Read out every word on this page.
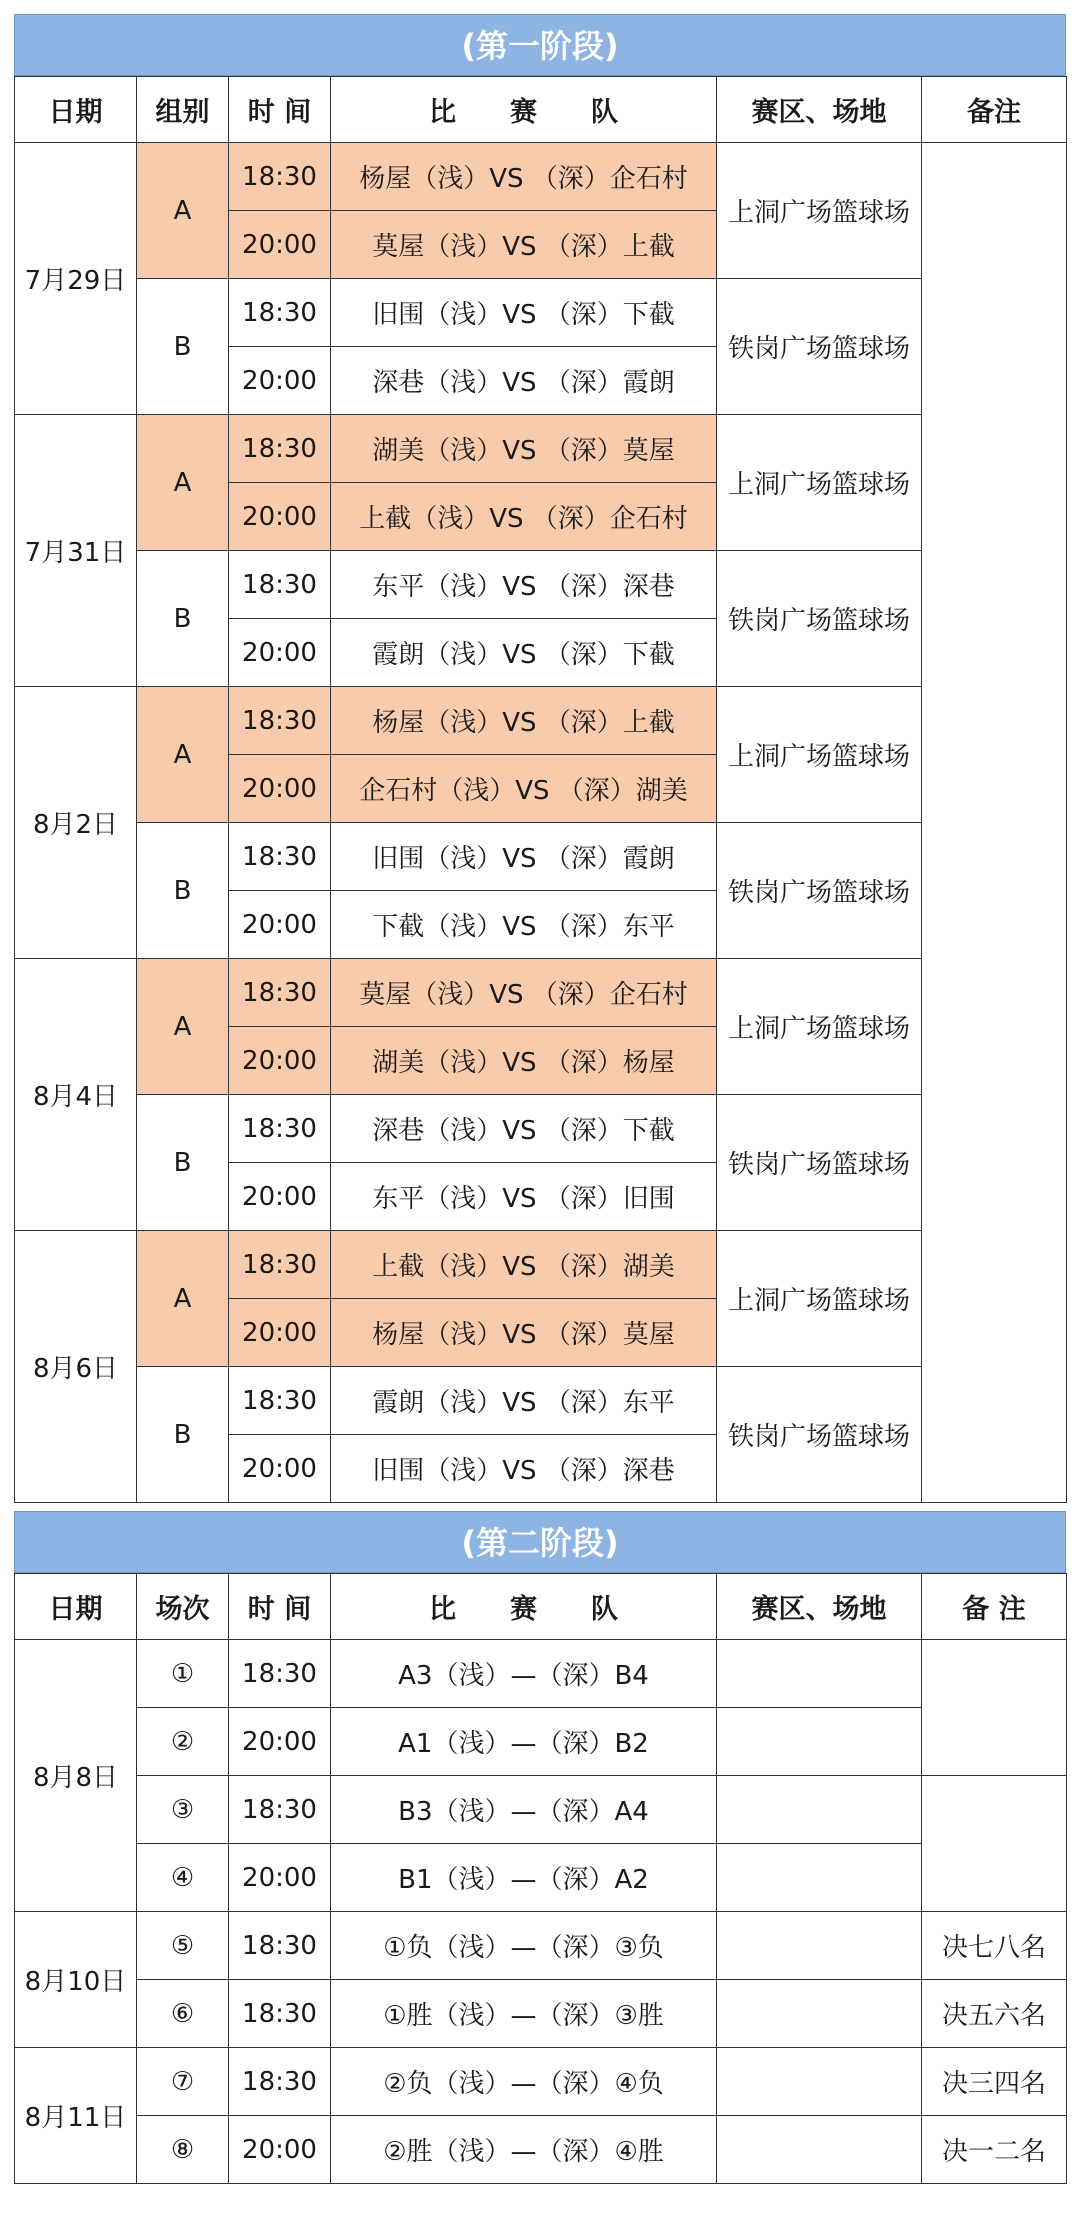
(第一阶段)
日期	组别	时 间	比　　赛　　队	赛区、场地	备注
7月29日	A	18:30	杨屋（浅）VS （深）企石村	上洞广场篮球场	
		20:00	莫屋（浅）VS （深）上截		
	B	18:30	旧围（浅）VS （深）下截	铁岗广场篮球场	
		20:00	深巷（浅）VS （深）霞朗		
7月31日	A	18:30	湖美（浅）VS （深）莫屋	上洞广场篮球场	
		20:00	上截（浅）VS （深）企石村		
	B	18:30	东平（浅）VS （深）深巷	铁岗广场篮球场	
		20:00	霞朗（浅）VS （深）下截		
8月2日	A	18:30	杨屋（浅）VS （深）上截	上洞广场篮球场	
		20:00	企石村（浅）VS （深）湖美		
	B	18:30	旧围（浅）VS （深）霞朗	铁岗广场篮球场	
		20:00	下截（浅）VS （深）东平		
8月4日	A	18:30	莫屋（浅）VS （深）企石村	上洞广场篮球场	
		20:00	湖美（浅）VS （深）杨屋		
	B	18:30	深巷（浅）VS （深）下截	铁岗广场篮球场	
		20:00	东平（浅）VS （深）旧围		
8月6日	A	18:30	上截（浅）VS （深）湖美	上洞广场篮球场	
		20:00	杨屋（浅）VS （深）莫屋		
	B	18:30	霞朗（浅）VS （深）东平	铁岗广场篮球场	
		20:00	旧围（浅）VS （深）深巷		
(第二阶段)
日期	场次	时 间	比　　赛　　队	赛区、场地	备 注
8月8日	①	18:30	A3（浅）—（深）B4		
	②	20:00	A1（浅）—（深）B2		
	③	18:30	B3（浅）—（深）A4		
	④	20:00	B1（浅）—（深）A2		
8月10日	⑤	18:30	①负（浅）—（深）③负		决七八名
	⑥	18:30	①胜（浅）—（深）③胜		决五六名
8月11日	⑦	18:30	②负（浅）—（深）④负		决三四名
	⑧	20:00	②胜（浅）—（深）④胜		决一二名
